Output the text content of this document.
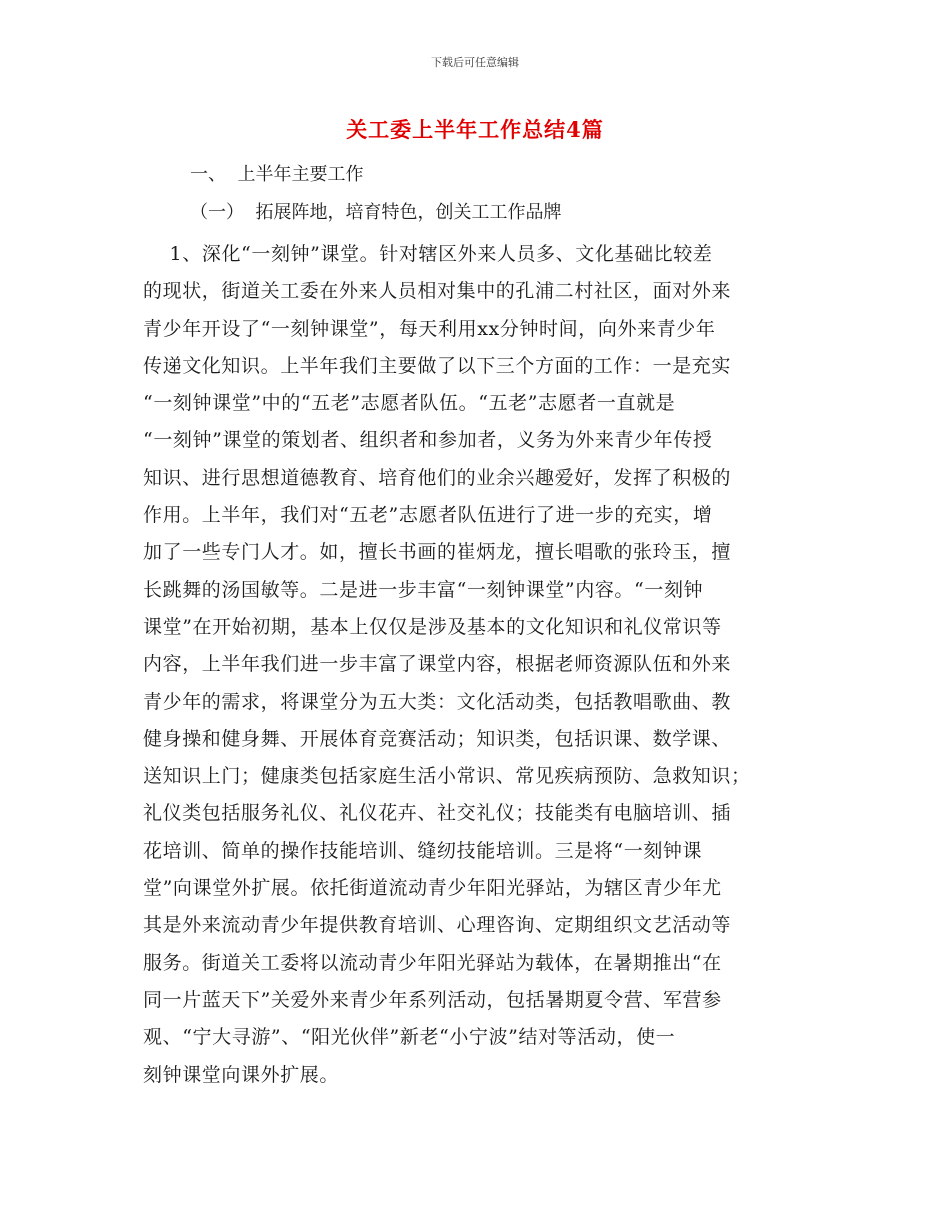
下载后可任意编辑
关工委上半年工作总结4篇
一、  上半年主要工作
（一）  拓展阵地，培育特色，创关工工作品牌
1、深化“一刻钟”课堂。针对辖区外来人员多、文化基础比较差
的现状，街道关工委在外来人员相对集中的孔浦二村社区，面对外来
青少年开设了“一刻钟课堂”，每天利用xx分钟时间，向外来青少年
传递文化知识。上半年我们主要做了以下三个方面的工作：一是充实
“一刻钟课堂”中的“五老”志愿者队伍。“五老”志愿者一直就是
“一刻钟”课堂的策划者、组织者和参加者，义务为外来青少年传授
知识、进行思想道德教育、培育他们的业余兴趣爱好，发挥了积极的
作用。上半年，我们对“五老”志愿者队伍进行了进一步的充实，增
加了一些专门人才。如，擅长书画的崔炳龙，擅长唱歌的张玲玉，擅
长跳舞的汤国敏等。二是进一步丰富“一刻钟课堂”内容。“一刻钟
课堂”在开始初期，基本上仅仅是涉及基本的文化知识和礼仪常识等
内容，上半年我们进一步丰富了课堂内容，根据老师资源队伍和外来
青少年的需求，将课堂分为五大类：文化活动类，包括教唱歌曲、教
健身操和健身舞、开展体育竞赛活动；知识类，包括识课、数学课、
送知识上门；健康类包括家庭生活小常识、常见疾病预防、急救知识；
礼仪类包括服务礼仪、礼仪花卉、社交礼仪；技能类有电脑培训、插
花培训、简单的操作技能培训、缝纫技能培训。三是将“一刻钟课
堂”向课堂外扩展。依托街道流动青少年阳光驿站，为辖区青少年尤
其是外来流动青少年提供教育培训、心理咨询、定期组织文艺活动等
服务。街道关工委将以流动青少年阳光驿站为载体，在暑期推出“在
同一片蓝天下”关爱外来青少年系列活动，包括暑期夏令营、军营参
观、“宁大寻游”、“阳光伙伴”新老“小宁波”结对等活动，使一
刻钟课堂向课外扩展。
